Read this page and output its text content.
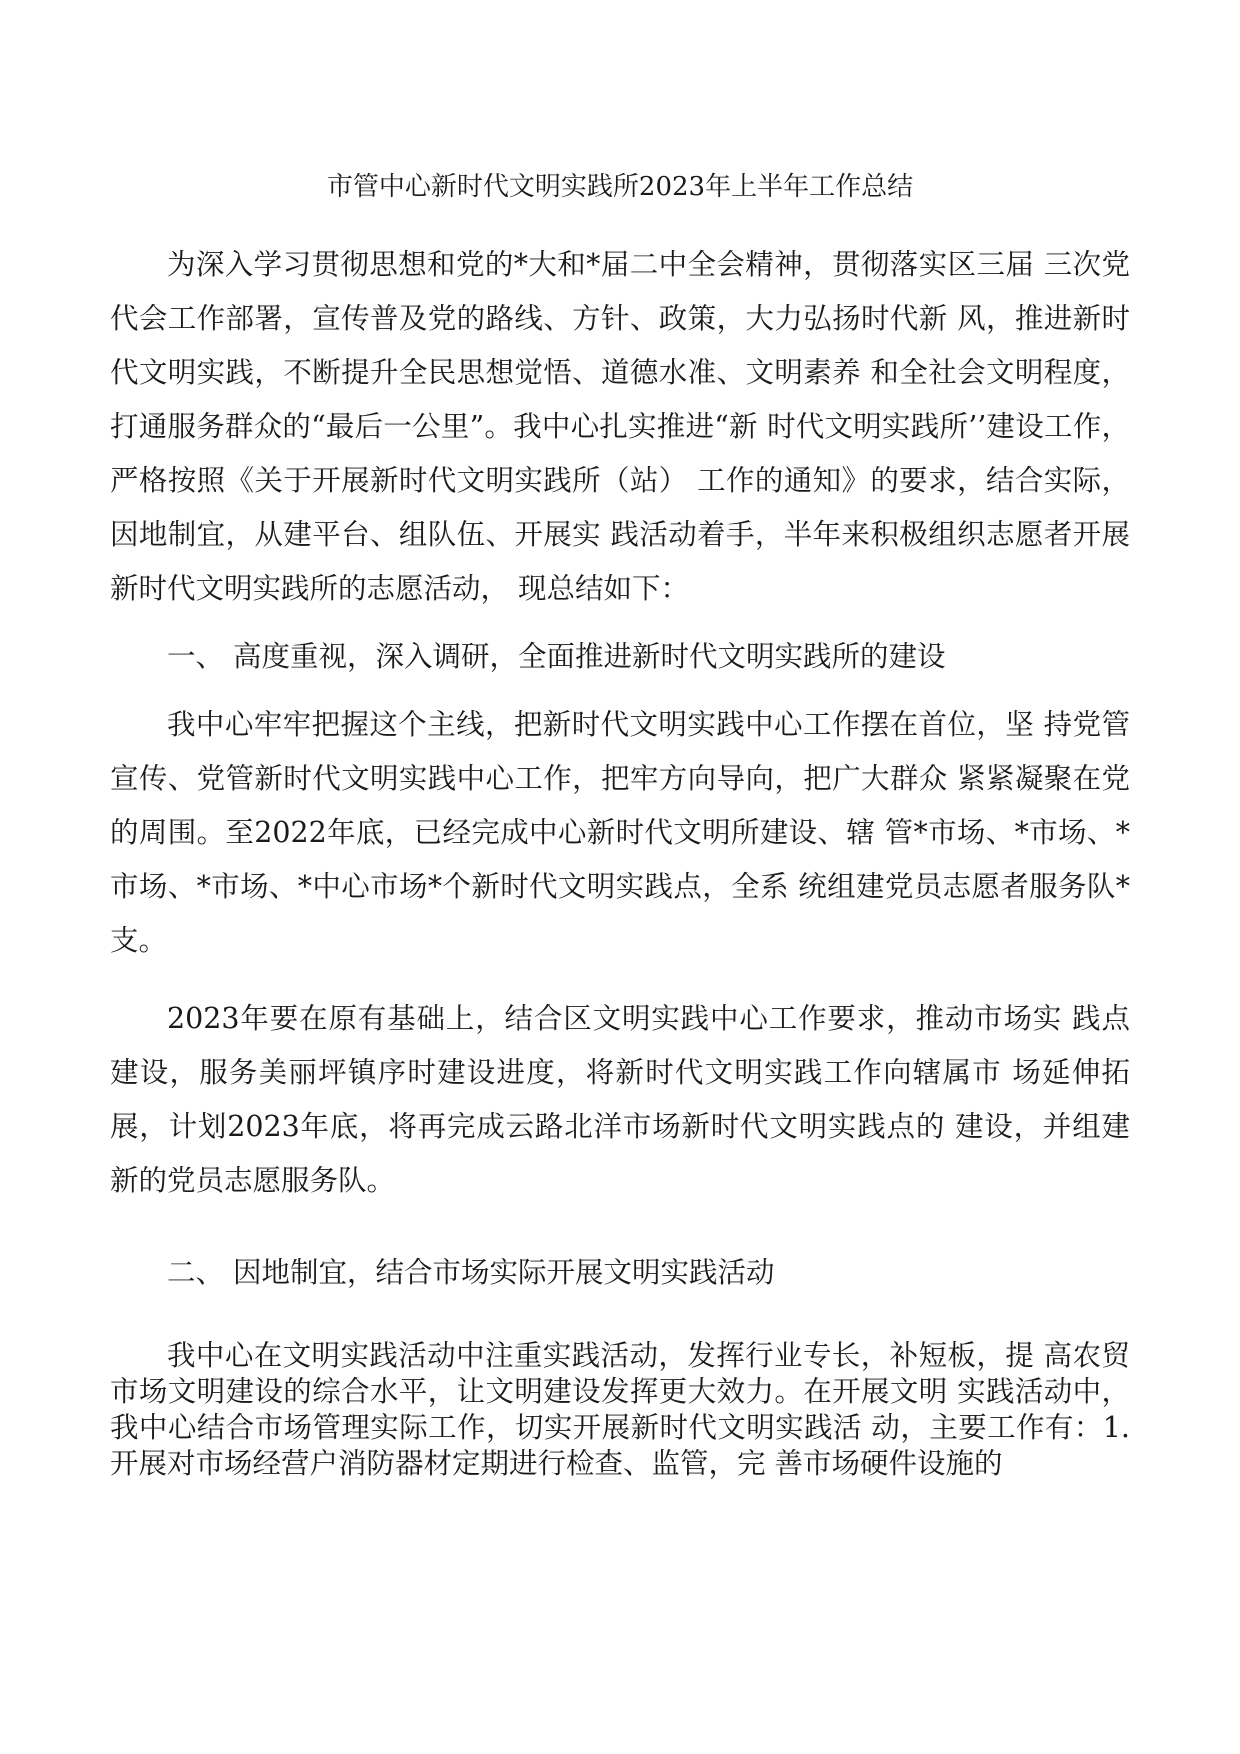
市管中心新时代文明实践所2023年上半年工作总结

为深入学习贯彻思想和党的*大和*届二中全会精神，贯彻落实区三届 三次党代会工作部署，宣传普及党的路线、方针、政策，大力弘扬时代新 风，推进新时代文明实践，不断提升全民思想觉悟、道德水准、文明素养 和全社会文明程度，打通服务群众的“最后一公里”。我中心扎实推进“新 时代文明实践所’’建设工作，严格按照《关于开展新时代文明实践所（站） 工作的通知》的要求，结合实际，因地制宜，从建平台、组队伍、开展实 践活动着手，半年来积极组织志愿者开展新时代文明实践所的志愿活动， 现总结如下：

一、 高度重视，深入调研，全面推进新时代文明实践所的建设

我中心牢牢把握这个主线，把新时代文明实践中心工作摆在首位，坚 持党管宣传、党管新时代文明实践中心工作，把牢方向导向，把广大群众 紧紧凝聚在党的周围。至2022年底，已经完成中心新时代文明所建设、辖 管*市场、*市场、*市场、*市场、*中心市场*个新时代文明实践点，全系 统组建党员志愿者服务队*支。

2023年要在原有基础上，结合区文明实践中心工作要求，推动市场实 践点建设，服务美丽坪镇序时建设进度，将新时代文明实践工作向辖属市 场延伸拓展，计划2023年底，将再完成云路北洋市场新时代文明实践点的 建设，并组建新的党员志愿服务队。

二、 因地制宜，结合市场实际开展文明实践活动

我中心在文明实践活动中注重实践活动，发挥行业专长，补短板，提 高农贸市场文明建设的综合水平，让文明建设发挥更大效力。在开展文明 实践活动中，我中心结合市场管理实际工作，切实开展新时代文明实践活 动，主要工作有：1.开展对市场经营户消防器材定期进行检查、监管，完 善市场硬件设施的
